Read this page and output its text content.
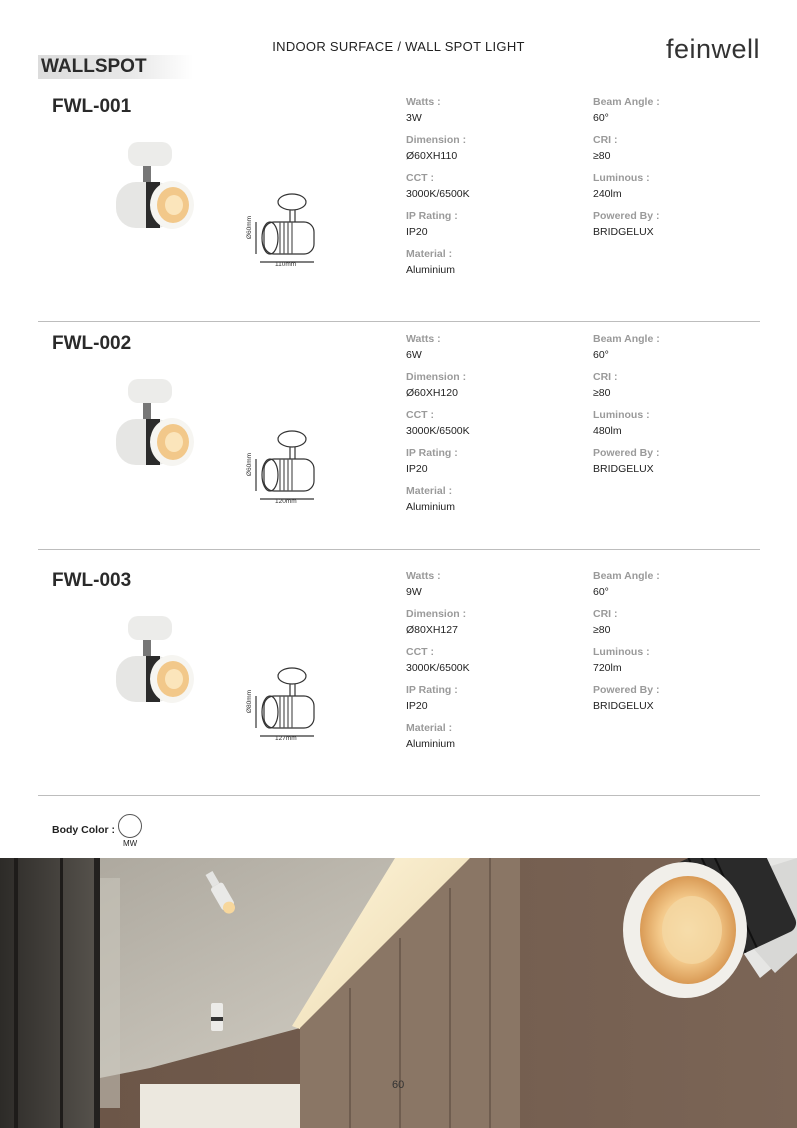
INDOOR SURFACE / WALL SPOT LIGHT	feinwell
WALLSPOT
FWL-001
Ø60mm
110mm
Watts :
3W
Dimension :
Ø60XH110
CCT :
3000K/6500K
IP Rating :
IP20
Material :
Aluminium
Beam Angle :
60°
CRI :
≥80
Luminous :
240lm
Powered By :
BRIDGELUX
FWL-002
Ø60mm
120mm
Watts :
6W
Dimension :
Ø60XH120
CCT :
3000K/6500K
IP Rating :
IP20
Material :
Aluminium
Beam Angle :
60°
CRI :
≥80
Luminous :
480lm
Powered By :
BRIDGELUX
FWL-003
Ø80mm
127mm
Watts :
9W
Dimension :
Ø80XH127
CCT :
3000K/6500K
IP Rating :
IP20
Material :
Aluminium
Beam Angle :
60°
CRI :
≥80
Luminous :
720lm
Powered By :
BRIDGELUX
Body Color :
MW
60
